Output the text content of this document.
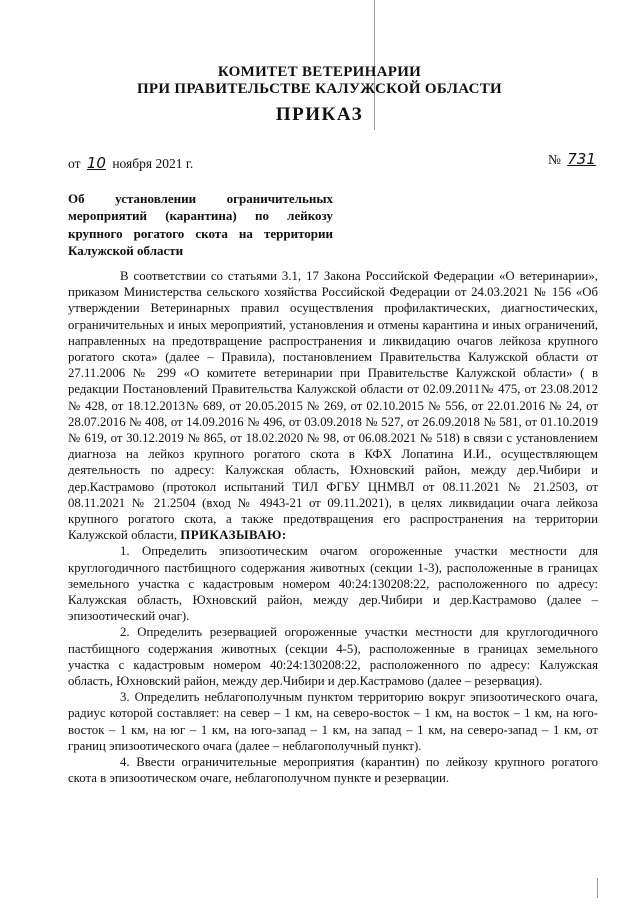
КОМИТЕТ ВЕТЕРИНАРИИ
ПРИ ПРАВИТЕЛЬСТВЕ КАЛУЖСКОЙ ОБЛАСТИ
ПРИКАЗ
от 10 ноября 2021 г.	№ 731
Об установлении ограничительных мероприятий (карантина) по лейкозу крупного рогатого скота на территории Калужской области

В соответствии со статьями 3.1, 17 Закона Российской Федерации «О ветеринарии», приказом Министерства сельского хозяйства Российской Федерации от 24.03.2021 № 156 «Об утверждении Ветеринарных правил осуществления профилактических, диагностических, ограничительных и иных мероприятий, установления и отмены карантина и иных ограничений, направленных на предотвращение распространения и ликвидацию очагов лейкоза крупного рогатого скота» (далее – Правила), постановлением Правительства Калужской области от 27.11.2006 № 299 «О комитете ветеринарии при Правительстве Калужской области» ( в редакции Постановлений Правительства Калужской области от 02.09.2011№ 475, от 23.08.2012 № 428, от 18.12.2013№ 689, от 20.05.2015 № 269, от 02.10.2015 № 556, от 22.01.2016 № 24, от 28.07.2016 № 408, от 14.09.2016 № 496, от 03.09.2018 № 527, от 26.09.2018 № 581, от 01.10.2019 № 619, от 30.12.2019 № 865, от 18.02.2020 № 98, от 06.08.2021 № 518) в связи с установлением диагноза на лейкоз крупного рогатого скота в КФХ Лопатина И.И., осуществляющем деятельность по адресу: Калужская область, Юхновский район, между дер.Чибири и дер.Кастрамово (протокол испытаний ТИЛ ФГБУ ЦНМВЛ от 08.11.2021 № 21.2503, от 08.11.2021 № 21.2504 (вход № 4943-21 от 09.11.2021), в целях ликвидации очага лейкоза крупного рогатого скота, а также предотвращения его распространения на территории Калужской области, ПРИКАЗЫВАЮ:

1. Определить эпизоотическим очагом огороженные участки местности для круглогодичного пастбищного содержания животных (секции 1-3), расположенные в границах земельного участка с кадастровым номером 40:24:130208:22, расположенного по адресу: Калужская область, Юхновский район, между дер.Чибири и дер.Кастрамово (далее – эпизоотический очаг).

2. Определить резервацией огороженные участки местности для круглогодичного пастбищного содержания животных (секции 4-5), расположенные в границах земельного участка с кадастровым номером 40:24:130208:22, расположенного по адресу: Калужская область, Юхновский район, между дер.Чибири и дер.Кастрамово (далее – резервация).

3. Определить неблагополучным пунктом территорию вокруг эпизоотического очага, радиус которой составляет: на север – 1 км, на северо-восток – 1 км, на восток – 1 км, на юго-восток – 1 км, на юг – 1 км, на юго-запад – 1 км, на запад – 1 км, на северо-запад – 1 км, от границ эпизоотического очага (далее – неблагополучный пункт).

4. Ввести ограничительные мероприятия (карантин) по лейкозу крупного рогатого скота в эпизоотическом очаге, неблагополучном пункте и резервации.
